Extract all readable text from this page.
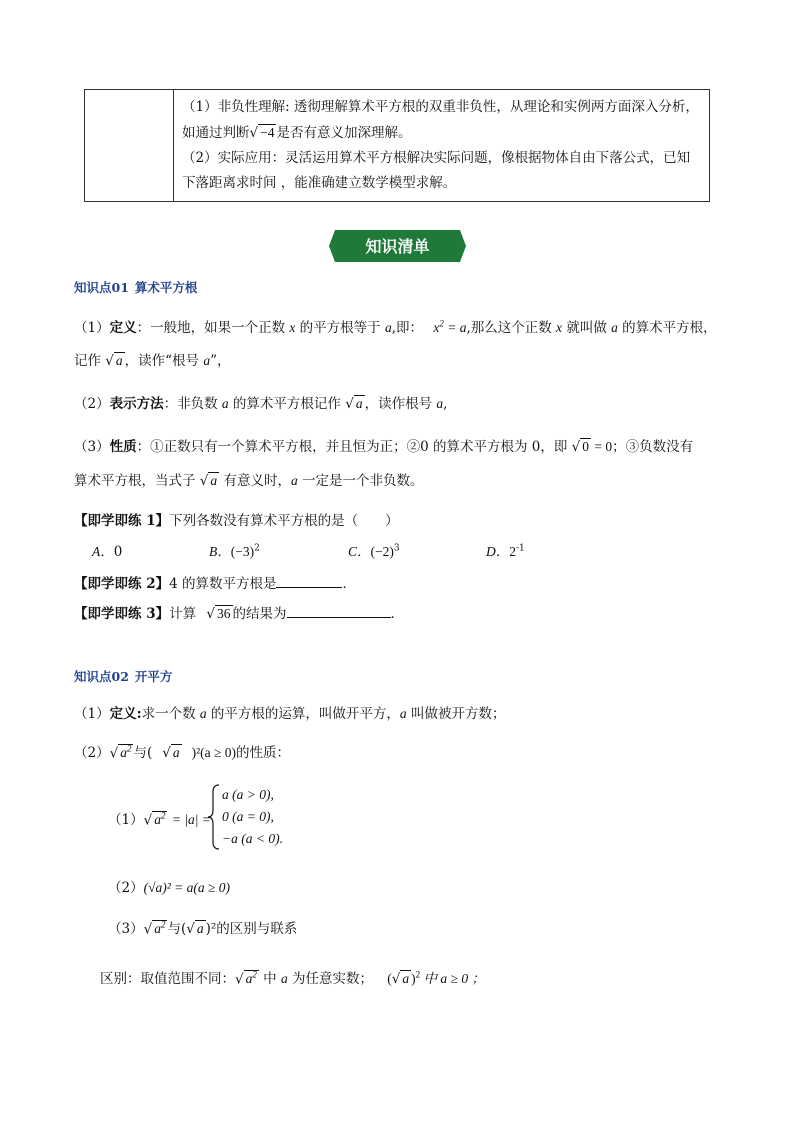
（1）非负性理解: 透彻理解算术平方根的双重非负性，从理论和实例两方面深入分析，
如通过判断√ −4 是否有意义加深理解。
（2）实际应用：灵活运用算术平方根解决实际问题，像根据物体自由下落公式，已知
下落距离求时间 ，能准确建立数学模型求解。
知识清单
知识点01 算术平方根
（1）定义：一般地，如果一个正数 x 的平方根等于 a,即： $x^2 = a$,那么这个正数 x 就叫做 a 的算术平方根，
记作 √ a ，读作“根号 a”，
（2）表示方法：非负数 a 的算术平方根记作 √ a ，读作根号 a,
（3）性质：①正数只有一个算术平方根，并且恒为正；②0 的算术平方根为 0，即 √ 0 = 0；③负数没有
算术平方根，当式子 √ a 有意义时，a 一定是一个非负数。
【即学即练 1】下列各数没有算术平方根的是（　　）
A．0	B．$(-3)^2$	C．$(-2)^3$	D．$2^{-1}$
【即学即练 2】4 的算数平方根是	．
【即学即练 3】计算 √ 36 的结果为	．
知识点02 开平方
（1）定义:求一个数 a 的平方根的运算，叫做开平方，a 叫做被开方数；
（2）√ $a^2$ 与( √ a )²(a ≥ 0)的性质：
（1）√ $a^2 = |a|$ =
a (a > 0),
0 (a = 0),
−a (a < 0).
（2）(√a)² = a(a ≥ 0)
（3）√ $a^2$ 与(√ a )²的区别与联系
区别：取值范围不同：√ $a^2$ 中 a 为任意实数； (√ a )$^2$ 中 a ≥ 0 ；
